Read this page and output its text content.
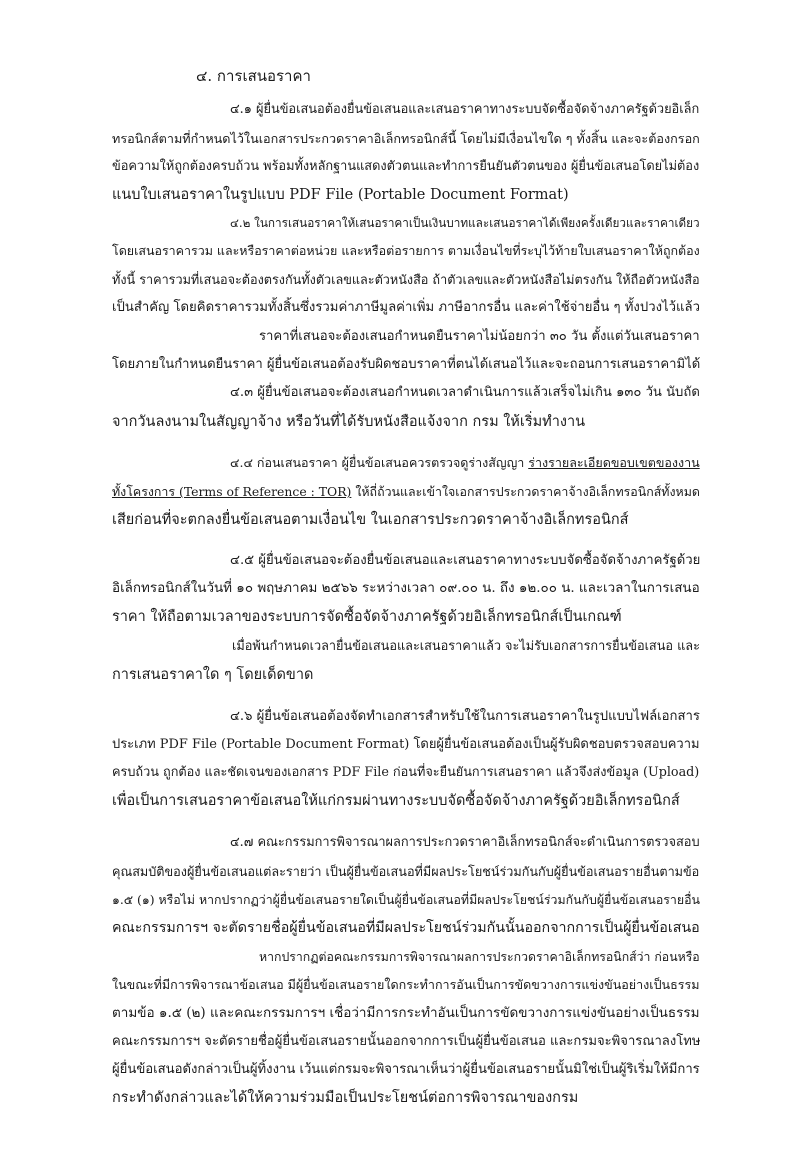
๔. การเสนอราคา
๔.๑ ผู้ยื่นข้อเสนอต้องยื่นข้อเสนอและเสนอราคาทางระบบจัดซื้อจัดจ้างภาครัฐด้วยอิเล็ก
ทรอนิกส์ตามที่กำหนดไว้ในเอกสารประกวดราคาอิเล็กทรอนิกส์นี้ โดยไม่มีเงื่อนไขใด ๆ ทั้งสิ้น และจะต้องกรอก
ข้อความให้ถูกต้องครบถ้วน พร้อมทั้งหลักฐานแสดงตัวตนและทำการยืนยันตัวตนของ ผู้ยื่นข้อเสนอโดยไม่ต้อง
แนบใบเสนอราคาในรูปแบบ PDF File (Portable Document Format)
๔.๒ ในการเสนอราคาให้เสนอราคาเป็นเงินบาทและเสนอราคาได้เพียงครั้งเดียวและราคาเดียว
โดยเสนอราคารวม และหรือราคาต่อหน่วย และหรือต่อรายการ ตามเงื่อนไขที่ระบุไว้ท้ายใบเสนอราคาให้ถูกต้อง
ทั้งนี้ ราคารวมที่เสนอจะต้องตรงกันทั้งตัวเลขและตัวหนังสือ ถ้าตัวเลขและตัวหนังสือไม่ตรงกัน ให้ถือตัวหนังสือ
เป็นสำคัญ โดยคิดราคารวมทั้งสิ้นซึ่งรวมค่าภาษีมูลค่าเพิ่ม ภาษีอากรอื่น และค่าใช้จ่ายอื่น ๆ ทั้งปวงไว้แล้ว
ราคาที่เสนอจะต้องเสนอกำหนดยืนราคาไม่น้อยกว่า ๓๐ วัน ตั้งแต่วันเสนอราคา
โดยภายในกำหนดยืนราคา ผู้ยื่นข้อเสนอต้องรับผิดชอบราคาที่ตนได้เสนอไว้และจะถอนการเสนอราคามิได้
๔.๓ ผู้ยื่นข้อเสนอจะต้องเสนอกำหนดเวลาดำเนินการแล้วเสร็จไม่เกิน ๑๓๐ วัน นับถัด
จากวันลงนามในสัญญาจ้าง หรือวันที่ได้รับหนังสือแจ้งจาก กรม ให้เริ่มทำงาน
๔.๔ ก่อนเสนอราคา ผู้ยื่นข้อเสนอควรตรวจดูร่างสัญญา ร่างรายละเอียดขอบเขตของงาน
ทั้งโครงการ (Terms of Reference : TOR) ให้ถี่ถ้วนและเข้าใจเอกสารประกวดราคาจ้างอิเล็กทรอนิกส์ทั้งหมด
เสียก่อนที่จะตกลงยื่นข้อเสนอตามเงื่อนไข ในเอกสารประกวดราคาจ้างอิเล็กทรอนิกส์
๔.๕ ผู้ยื่นข้อเสนอจะต้องยื่นข้อเสนอและเสนอราคาทางระบบจัดซื้อจัดจ้างภาครัฐด้วย
อิเล็กทรอนิกส์ในวันที่ ๑๐ พฤษภาคม ๒๕๖๖ ระหว่างเวลา ๐๙.๐๐ น. ถึง ๑๒.๐๐ น. และเวลาในการเสนอ
ราคา ให้ถือตามเวลาของระบบการจัดซื้อจัดจ้างภาครัฐด้วยอิเล็กทรอนิกส์เป็นเกณฑ์
เมื่อพ้นกำหนดเวลายื่นข้อเสนอและเสนอราคาแล้ว จะไม่รับเอกสารการยื่นข้อเสนอ และ
การเสนอราคาใด ๆ โดยเด็ดขาด
๔.๖ ผู้ยื่นข้อเสนอต้องจัดทำเอกสารสำหรับใช้ในการเสนอราคาในรูปแบบไฟล์เอกสาร
ประเภท PDF File (Portable Document Format) โดยผู้ยื่นข้อเสนอต้องเป็นผู้รับผิดชอบตรวจสอบความ
ครบถ้วน ถูกต้อง และชัดเจนของเอกสาร PDF File ก่อนที่จะยืนยันการเสนอราคา แล้วจึงส่งข้อมูล (Upload)
เพื่อเป็นการเสนอราคาข้อเสนอให้แก่กรมผ่านทางระบบจัดซื้อจัดจ้างภาครัฐด้วยอิเล็กทรอนิกส์
๔.๗ คณะกรรมการพิจารณาผลการประกวดราคาอิเล็กทรอนิกส์จะดำเนินการตรวจสอบ
คุณสมบัติของผู้ยื่นข้อเสนอแต่ละรายว่า เป็นผู้ยื่นข้อเสนอที่มีผลประโยชน์ร่วมกันกับผู้ยื่นข้อเสนอรายอื่นตามข้อ
๑.๕ (๑) หรือไม่ หากปรากฏว่าผู้ยื่นข้อเสนอรายใดเป็นผู้ยื่นข้อเสนอที่มีผลประโยชน์ร่วมกันกับผู้ยื่นข้อเสนอรายอื่น
คณะกรรมการฯ จะตัดรายชื่อผู้ยื่นข้อเสนอที่มีผลประโยชน์ร่วมกันนั้นออกจากการเป็นผู้ยื่นข้อเสนอ
หากปรากฏต่อคณะกรรมการพิจารณาผลการประกวดราคาอิเล็กทรอนิกส์ว่า ก่อนหรือ
ในขณะที่มีการพิจารณาข้อเสนอ มีผู้ยื่นข้อเสนอรายใดกระทำการอันเป็นการขัดขวางการแข่งขันอย่างเป็นธรรม
ตามข้อ ๑.๕ (๒) และคณะกรรมการฯ เชื่อว่ามีการกระทำอันเป็นการขัดขวางการแข่งขันอย่างเป็นธรรม
คณะกรรมการฯ จะตัดรายชื่อผู้ยื่นข้อเสนอรายนั้นออกจากการเป็นผู้ยื่นข้อเสนอ และกรมจะพิจารณาลงโทษ
ผู้ยื่นข้อเสนอดังกล่าวเป็นผู้ทิ้งงาน เว้นแต่กรมจะพิจารณาเห็นว่าผู้ยื่นข้อเสนอรายนั้นมิใช่เป็นผู้ริเริ่มให้มีการ
กระทำดังกล่าวและได้ให้ความร่วมมือเป็นประโยชน์ต่อการพิจารณาของกรม
